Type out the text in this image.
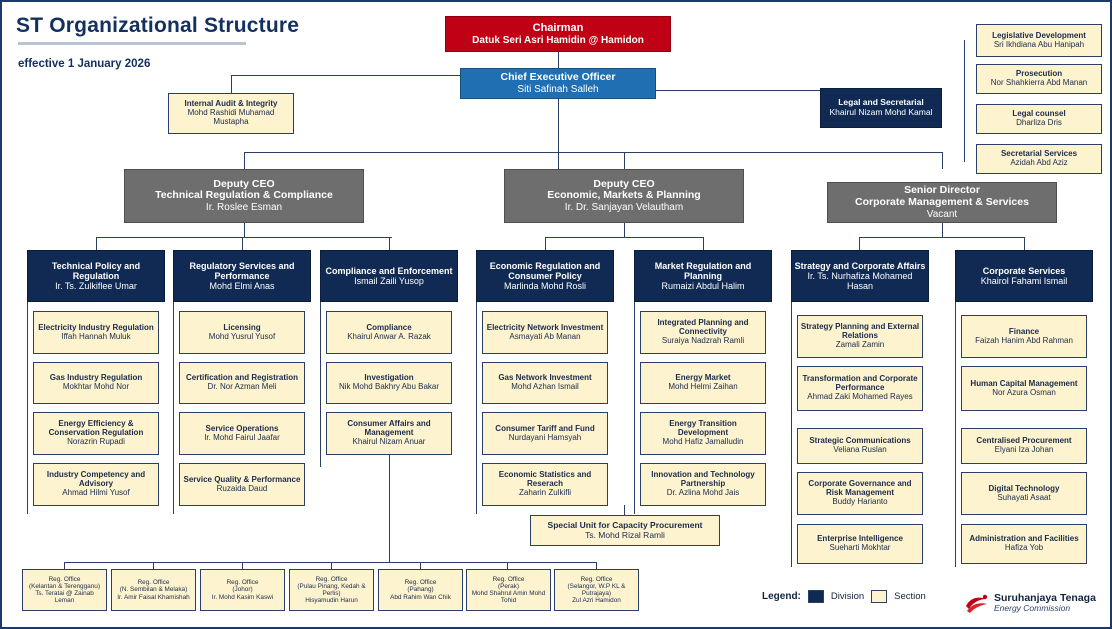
ST Organizational Structure
effective 1 January 2026
Chairman
Datuk Seri Asri Hamidin @ Hamidon
Chief Executive Officer
Siti Safinah Salleh
Internal Audit & Integrity
Mohd Rashidi Muhamad Mustapha
Legal and Secretarial
Khairul Nizam Mohd Kamal
Legislative Development
Sri Ikhdiana Abu Hanipah
Prosecution
Nor Shahkierra Abd Manan
Legal counsel
Dharliza Dris
Secretarial Services
Azidah Abd Aziz
Deputy CEO
Technical Regulation & Compliance
Ir. Roslee Esman
Deputy CEO
Economic, Markets & Planning
Ir. Dr. Sanjayan Velautham
Senior Director
Corporate Management & Services
Vacant
Technical Policy and Regulation
Ir. Ts. Zulkiflee Umar
Regulatory Services and Performance
Mohd Elmi Anas
Compliance and Enforcement
Ismail Zaili Yusop
Economic Regulation and Consumer Policy
Marlinda Mohd Rosli
Market Regulation and Planning
Rumaizi Abdul Halim
Strategy and Corporate Affairs
Ir. Ts. Nurhafiza Mohamed Hasan
Corporate Services
Khairol Fahami Ismail
Electricity Industry Regulation
Iffah Hannah Muluk
Gas Industry Regulation
Mokhtar Mohd Nor
Energy Efficiency & Conservation Regulation
Norazrin Rupadi
Industry Competency and Advisory
Ahmad Hilmi Yusof
Licensing
Mohd Yusrul Yusof
Certification and Registration
Dr. Nor Azman Meli
Service Operations
Ir. Mohd Fairul Jaafar
Service Quality & Performance
Ruzaida Daud
Compliance
Khairul Anwar A. Razak
Investigation
Nik Mohd Bakhry Abu Bakar
Consumer Affairs and Management
Khairul Nizam Anuar
Electricity Network Investment
Asmayati Ab Manan
Gas Network Investment
Mohd Azhan Ismail
Consumer Tariff and Fund
Nurdayani Hamsyah
Economic Statistics and Reserach
Zaharin Zulkifli
Integrated Planning and Connectivity
Suraiya Nadzrah Ramli
Energy Market
Mohd Helmi Zaihan
Energy Transition Development
Mohd Hafiz Jamalludin
Innovation and Technology Partnership
Dr. Azlina Mohd Jais
Strategy Planning and External Relations
Zamali Zamin
Transformation and Corporate Performance
Ahmad Zaki Mohamed Rayes
Strategic Communications
Veliana Ruslan
Corporate Governance and Risk Management
Buddy Harianto
Enterprise Intelligence
Sueharti Mokhtar
Finance
Faizah Hanim Abd Rahman
Human Capital Management
Nor Azura Osman
Centralised Procurement
Elyani Iza Johan
Digital Technology
Suhayati Asaat
Administration and Facilities
Hafiza Yob
Special Unit for Capacity Procurement
Ts. Mohd Rizal Ramli
Reg. Office
(Kelantan & Terengganu)
Ts. Teratai @ Zainab Leman
Reg. Office
(N. Sembilan & Melaka)
Ir. Amir Faisal Khamishah
Reg. Office
(Johor)
Ir. Mohd Kasim Kaswi
Reg. Office
(Pulau Pinang, Kedah & Perlis)
Hisyamudin Harun
Reg. Office
(Pahang)
Abd Rahim Wan Chik
Reg. Office
(Perak)
Mohd Shahrul Amin Mohd Tohid
Reg. Office
(Selangor, W.P KL & Putrajaya)
Zul Azri Hamidon	Legend:	Division	Section	Suruhanjaya Tenaga
Energy Commission
